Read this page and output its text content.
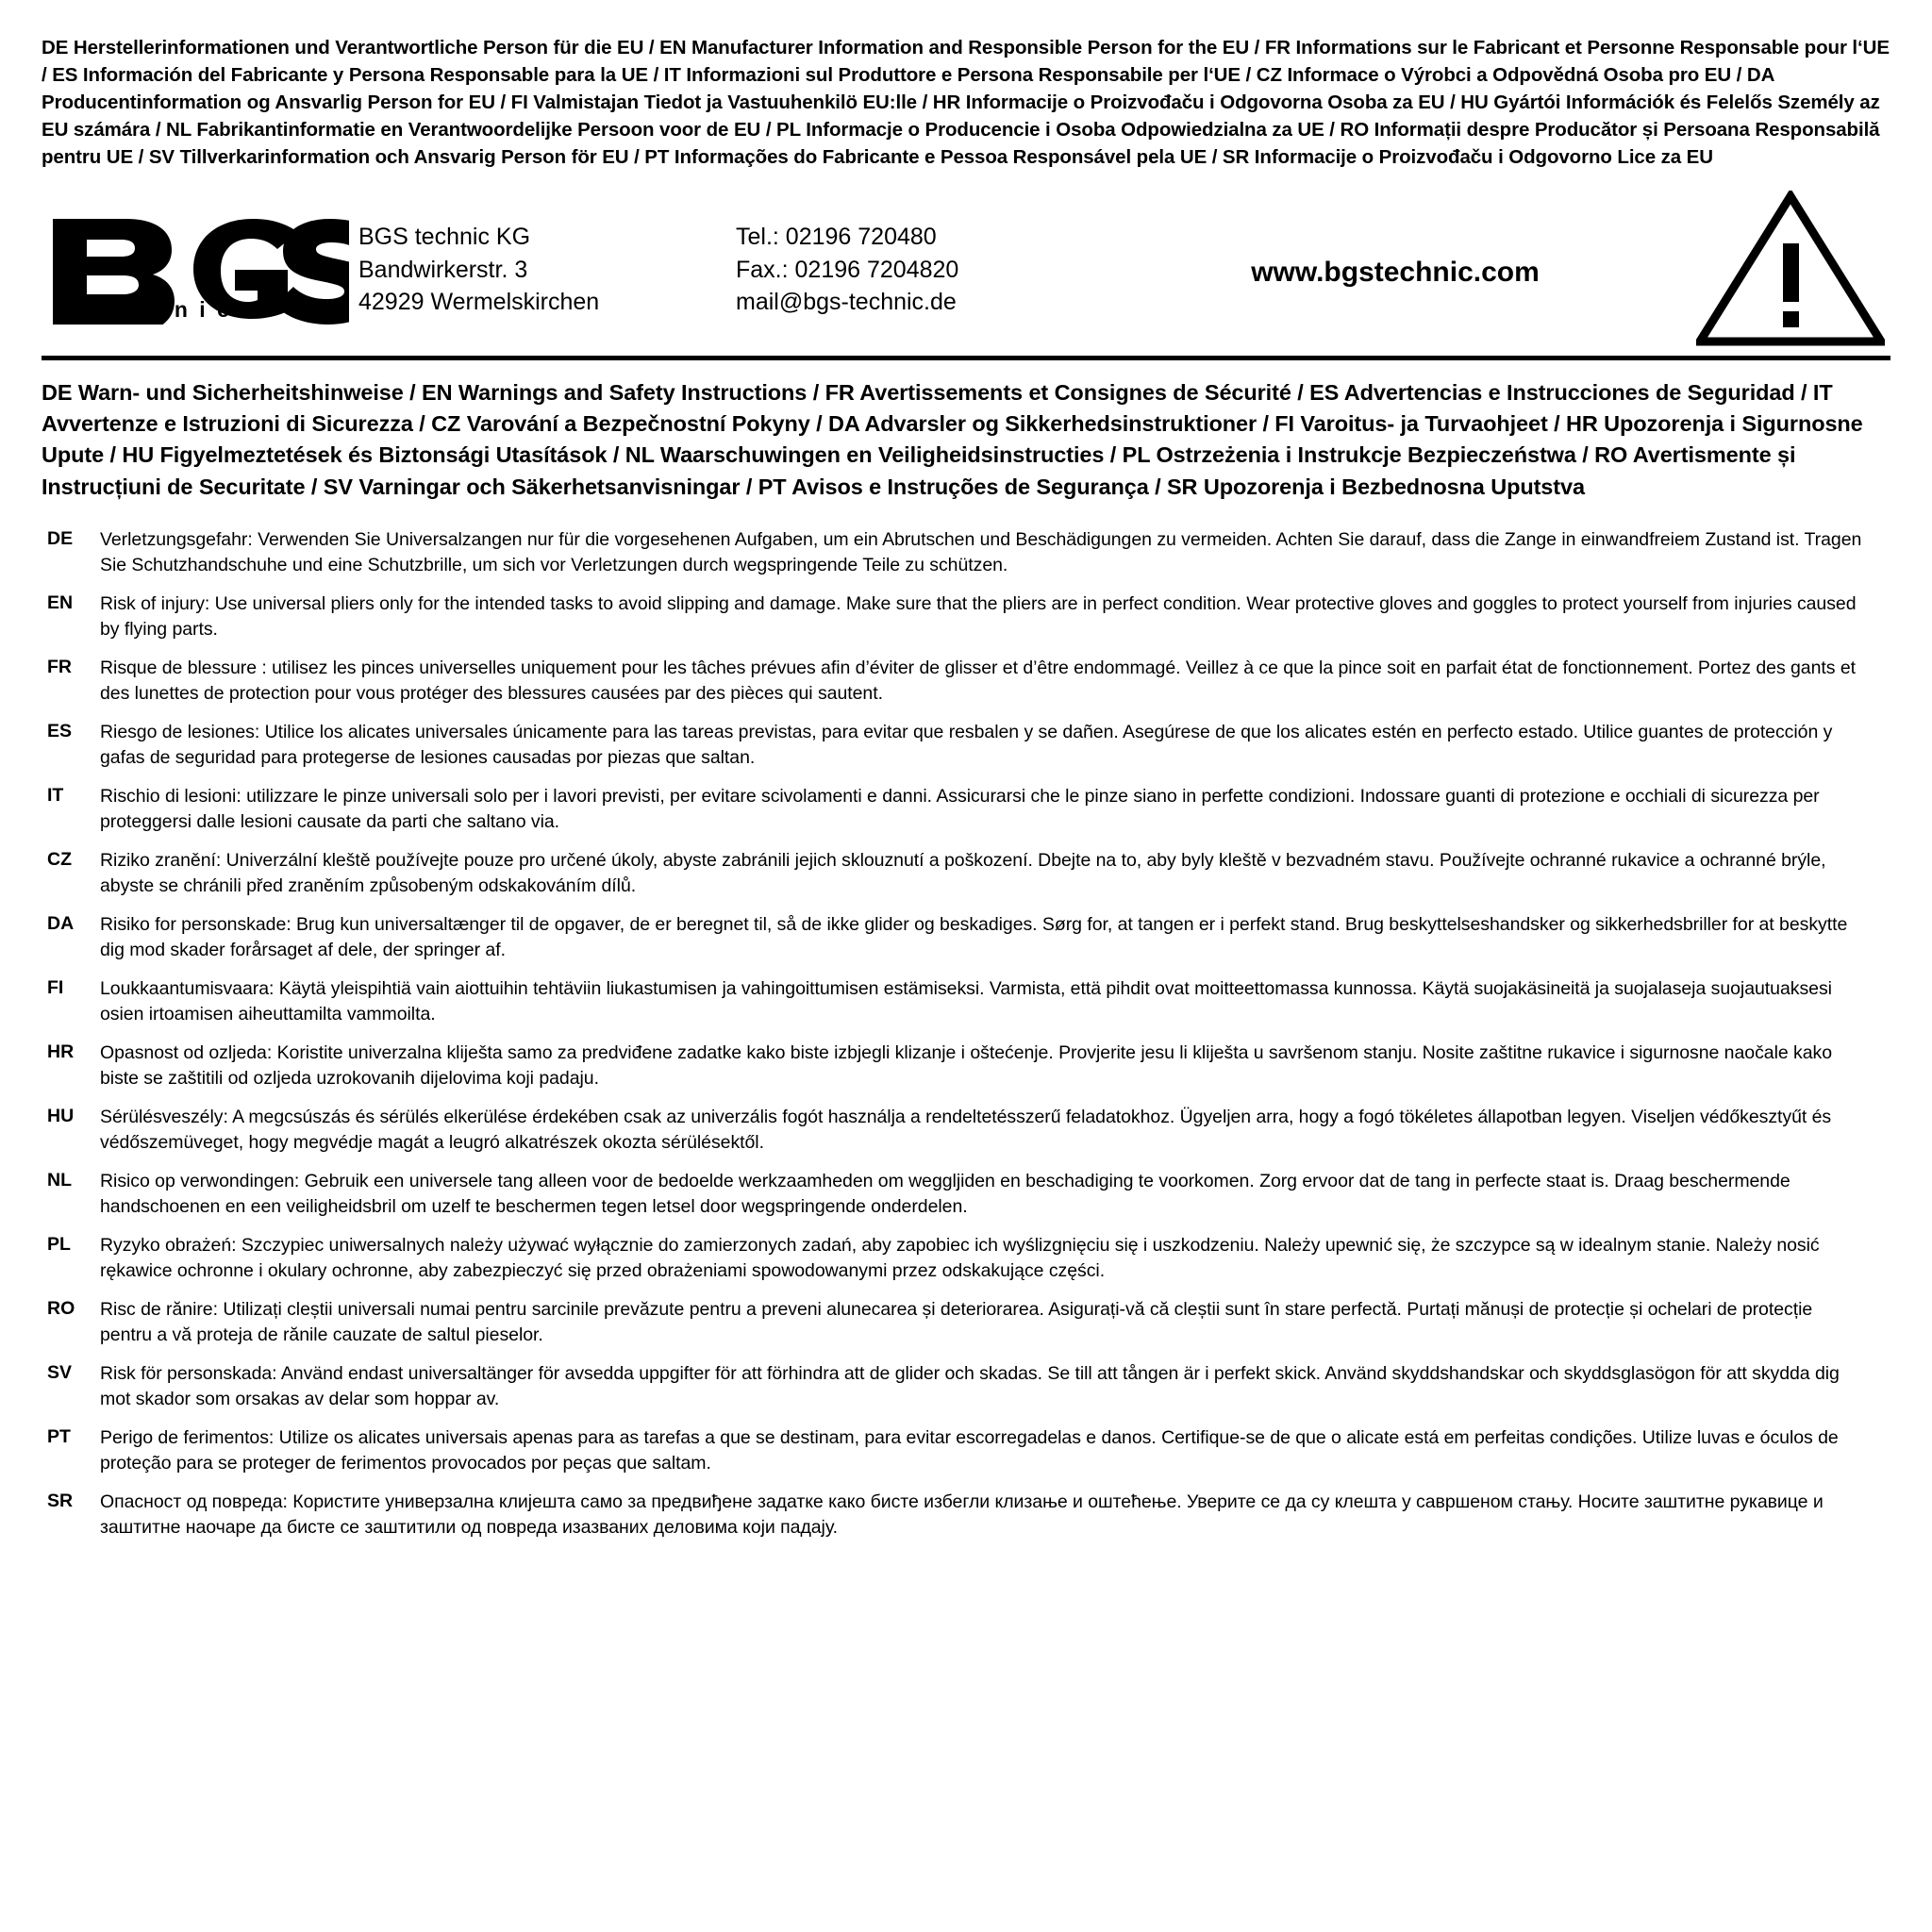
DE Herstellerinformationen und Verantwortliche Person für die EU / EN Manufacturer Information and Responsible Person for the EU / FR Informations sur le Fabricant et Personne Responsable pour l‘UE / ES Información del Fabricante y Persona Responsable para la UE / IT Informazioni sul Produttore e Persona Responsabile per l‘UE / CZ Informace o Výrobci a Odpovědná Osoba pro EU / DA Producentinformation og Ansvarlig Person for EU / FI Valmistajan Tiedot ja Vastuuhenkilö EU:lle / HR Informacije o Proizvođaču i Odgovorna Osoba za EU / HU Gyártói Információk és Felelős Személy az EU számára / NL Fabrikantinformatie en Verantwoordelijke Persoon voor de EU / PL Informacje o Producencie i Osoba Odpowiedzialna za UE / RO Informații despre Producător și Persoana Responsabilă pentru UE / SV Tillverkarinformation och Ansvarig Person för EU / PT Informações do Fabricante e Pessoa Responsável pela UE / SR Informacije o Proizvođaču i Odgovorno Lice za EU
®
t e c h n i c
BGS technic KG
Bandwirkerstr. 3
42929 Wermelskirchen
Tel.: 02196 720480
Fax.: 02196 7204820
mail@bgs-technic.de
www.bgstechnic.com
DE Warn- und Sicherheitshinweise / EN Warnings and Safety Instructions / FR Avertissements et Consignes de Sécurité / ES Advertencias e Instrucciones de Seguridad / IT Avvertenze e Istruzioni di Sicurezza / CZ Varování a Bezpečnostní Pokyny / DA Advarsler og Sikkerhedsinstruktioner / FI Varoitus- ja Turvaohjeet / HR Upozorenja i Sigurnosne Upute / HU Figyelmeztetések és Biztonsági Utasítások / NL Waarschuwingen en Veiligheidsinstructies / PL Ostrzeżenia i Instrukcje Bezpieczeństwa / RO Avertismente și Instrucțiuni de Securitate / SV Varningar och Säkerhetsanvisningar / PT Avisos e Instruções de Segurança / SR Upozorenja i Bezbednosna Uputstva
DE	Verletzungsgefahr: Verwenden Sie Universalzangen nur für die vorgesehenen Aufgaben, um ein Abrutschen und Beschädigungen zu vermeiden. Achten Sie darauf, dass die Zange in einwandfreiem Zustand ist. Tragen Sie Schutzhandschuhe und eine Schutzbrille, um sich vor Verletzungen durch wegspringende Teile zu schützen.
EN	Risk of injury: Use universal pliers only for the intended tasks to avoid slipping and damage. Make sure that the pliers are in perfect condition. Wear protective gloves and goggles to protect yourself from injuries caused by flying parts.
FR	Risque de blessure : utilisez les pinces universelles uniquement pour les tâches prévues afin d’éviter de glisser et d’être endommagé. Veillez à ce que la pince soit en parfait état de fonctionnement. Portez des gants et des lunettes de protection pour vous protéger des blessures causées par des pièces qui sautent.
ES	Riesgo de lesiones: Utilice los alicates universales únicamente para las tareas previstas, para evitar que resbalen y se dañen. Asegúrese de que los alicates estén en perfecto estado. Utilice guantes de protección y gafas de seguridad para protegerse de lesiones causadas por piezas que saltan.
IT	Rischio di lesioni: utilizzare le pinze universali solo per i lavori previsti, per evitare scivolamenti e danni. Assicurarsi che le pinze siano in perfette condizioni. Indossare guanti di protezione e occhiali di sicurezza per proteggersi dalle lesioni causate da parti che saltano via.
CZ	Riziko zranění: Univerzální kleště používejte pouze pro určené úkoly, abyste zabránili jejich sklouznutí a poškození. Dbejte na to, aby byly kleště v bezvadném stavu. Používejte ochranné rukavice a ochranné brýle, abyste se chránili před zraněním způsobeným odskakováním dílů.
DA	Risiko for personskade: Brug kun universaltænger til de opgaver, de er beregnet til, så de ikke glider og beskadiges. Sørg for, at tangen er i perfekt stand. Brug beskyttelseshandsker og sikkerhedsbriller for at beskytte dig mod skader forårsaget af dele, der springer af.
FI	Loukkaantumisvaara: Käytä yleispihtiä vain aiottuihin tehtäviin liukastumisen ja vahingoittumisen estämiseksi. Varmista, että pihdit ovat moitteettomassa kunnossa. Käytä suojakäsineitä ja suojalaseja suojautuaksesi osien irtoamisen aiheuttamilta vammoilta.
HR	Opasnost od ozljeda: Koristite univerzalna kliješta samo za predviđene zadatke kako biste izbjegli klizanje i oštećenje. Provjerite jesu li kliješta u savršenom stanju. Nosite zaštitne rukavice i sigurnosne naočale kako biste se zaštitili od ozljeda uzrokovanih dijelovima koji padaju.
HU	Sérülésveszély: A megcsúszás és sérülés elkerülése érdekében csak az univerzális fogót használja a rendeltetésszerű feladatokhoz. Ügyeljen arra, hogy a fogó tökéletes állapotban legyen. Viseljen védőkesztyűt és védőszemüveget, hogy megvédje magát a leugró alkatrészek okozta sérülésektől.
NL	Risico op verwondingen: Gebruik een universele tang alleen voor de bedoelde werkzaamheden om weggljiden en beschadiging te voorkomen. Zorg ervoor dat de tang in perfecte staat is. Draag beschermende handschoenen en een veiligheidsbril om uzelf te beschermen tegen letsel door wegspringende onderdelen.
PL	Ryzyko obrażeń: Szczypiec uniwersalnych należy używać wyłącznie do zamierzonych zadań, aby zapobiec ich wyślizgnięciu się i uszkodzeniu. Należy upewnić się, że szczypce są w idealnym stanie. Należy nosić rękawice ochronne i okulary ochronne, aby zabezpieczyć się przed obrażeniami spowodowanymi przez odskakujące części.
RO	Risc de rănire: Utilizați cleștii universali numai pentru sarcinile prevăzute pentru a preveni alunecarea și deteriorarea. Asigurați-vă că cleștii sunt în stare perfectă. Purtați mănuși de protecție și ochelari de protecție pentru a vă proteja de rănile cauzate de saltul pieselor.
SV	Risk för personskada: Använd endast universaltänger för avsedda uppgifter för att förhindra att de glider och skadas. Se till att tången är i perfekt skick. Använd skyddshandskar och skyddsglasögon för att skydda dig mot skador som orsakas av delar som hoppar av.
PT	Perigo de ferimentos: Utilize os alicates universais apenas para as tarefas a que se destinam, para evitar escorregadelas e danos. Certifique-se de que o alicate está em perfeitas condições. Utilize luvas e óculos de proteção para se proteger de ferimentos provocados por peças que saltam.
SR	Опасност од повреда: Користите универзална клијешта само за предвиђене задатке како бисте избегли клизање и оштећење. Уверите се да су клешта у савршеном стању. Носите заштитне рукавице и заштитне наочаре да бисте се заштитили од повреда изазваних деловима који падају.
